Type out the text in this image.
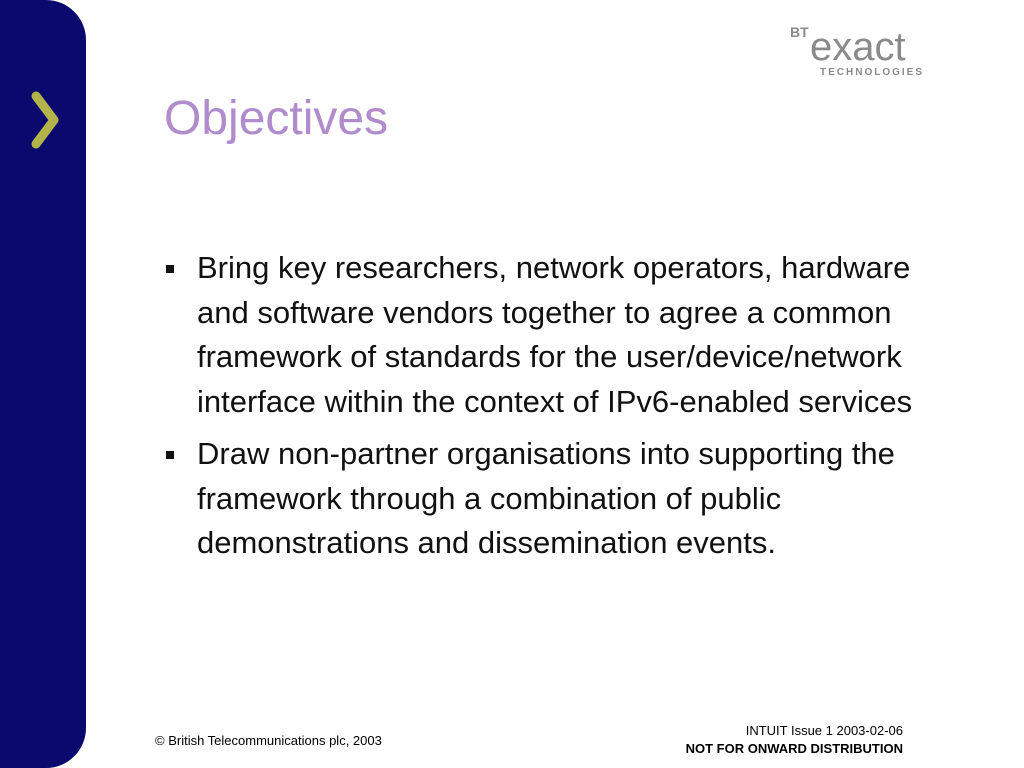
BT exact
TECHNOLOGIES
Objectives
Bring key researchers, network operators, hardware and software vendors together to agree a common framework of standards for the user/device/network interface within the context of IPv6-enabled services
Draw non-partner organisations into supporting the framework through a combination of public demonstrations and dissemination events.
© British Telecommunications plc, 2003
INTUIT Issue 1 2003-02-06
NOT FOR ONWARD DISTRIBUTION
